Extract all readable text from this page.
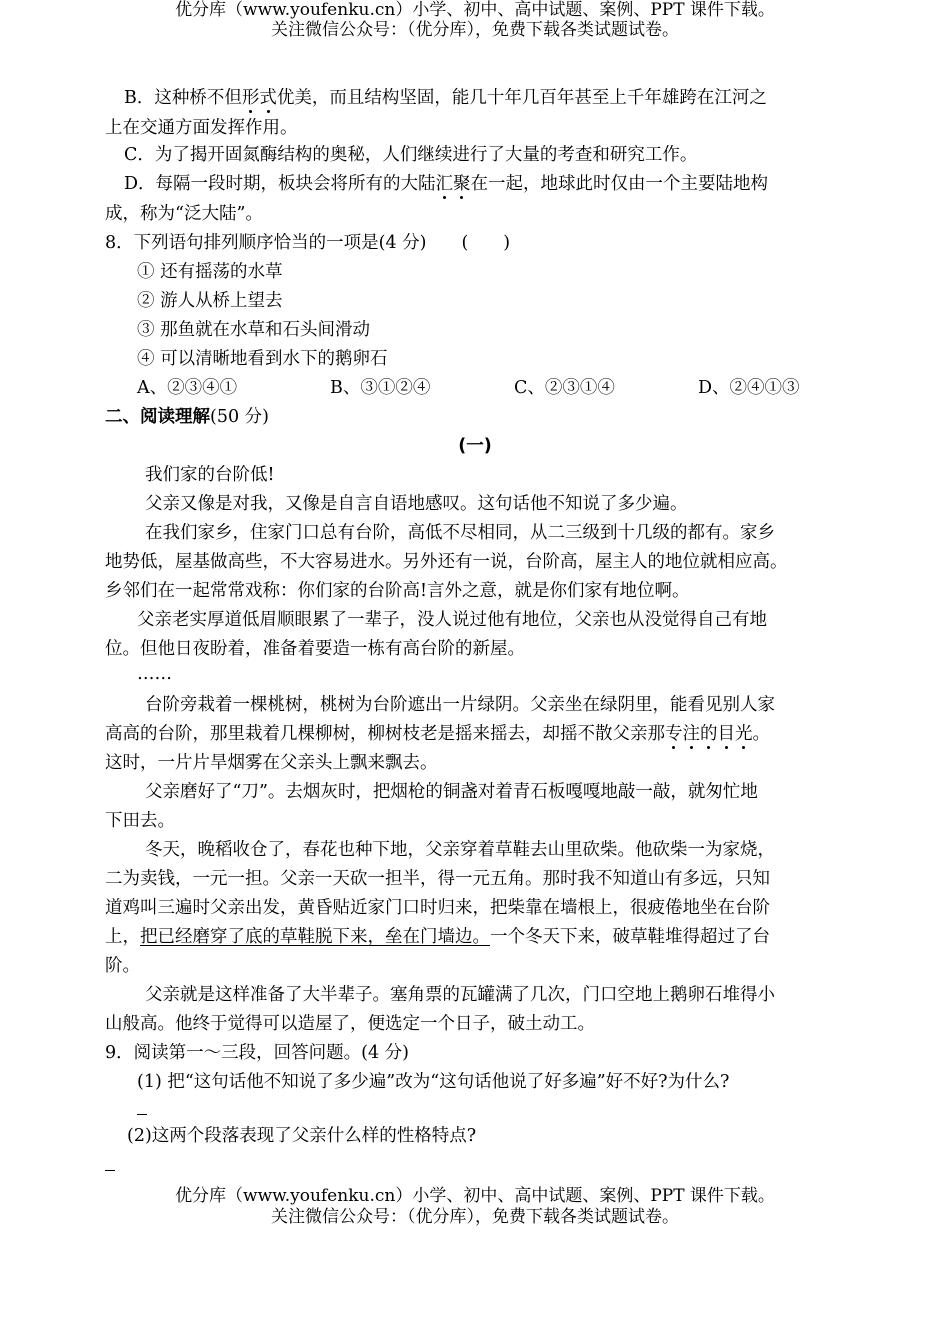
优分库（www.youfenku.cn）小学、初中、高中试题、案例、PPT 课件下载。
关注微信公众号：（优分库），免费下载各类试题试卷。
B．这种桥不但形式优美，而且结构坚固，能几十年几百年甚至上千年雄跨在江河之
上在交通方面发挥作用。
C．为了揭开固氮酶结构的奥秘，人们继续进行了大量的考查和研究工作。
D．每隔一段时期，板块会将所有的大陆汇聚在一起，地球此时仅由一个主要陆地构
成，称为“泛大陆”。
8．下列语句排列顺序恰当的一项是(4 分)　　(　　)
① 还有摇荡的水草
② 游人从桥上望去
③ 那鱼就在水草和石头间滑动
④ 可以清晰地看到水下的鹅卵石
A、②③④①	B、③①②④	C、②③①④	D、②④①③
二、阅读理解(50 分)
(一)
我们家的台阶低!
父亲又像是对我，又像是自言自语地感叹。这句话他不知说了多少遍。
在我们家乡，住家门口总有台阶，高低不尽相同，从二三级到十几级的都有。家乡
地势低，屋基做高些，不大容易进水。另外还有一说，台阶高，屋主人的地位就相应高。
乡邻们在一起常常戏称：你们家的台阶高!言外之意，就是你们家有地位啊。
父亲老实厚道低眉顺眼累了一辈子，没人说过他有地位，父亲也从没觉得自己有地
位。但他日夜盼着，准备着要造一栋有高台阶的新屋。
……
台阶旁栽着一棵桃树，桃树为台阶遮出一片绿阴。父亲坐在绿阴里，能看见别人家
高高的台阶，那里栽着几棵柳树，柳树枝老是摇来摇去，却摇不散父亲那专注的目光。
这时，一片片旱烟雾在父亲头上飘来飘去。
父亲磨好了“刀”。去烟灰时，把烟枪的铜盏对着青石板嘎嘎地敲一敲，就匆忙地
下田去。
冬天，晚稻收仓了，春花也种下地，父亲穿着草鞋去山里砍柴。他砍柴一为家烧，
二为卖钱，一元一担。父亲一天砍一担半，得一元五角。那时我不知道山有多远，只知
道鸡叫三遍时父亲出发，黄昏贴近家门口时归来，把柴靠在墙根上，很疲倦地坐在台阶
上，把已经磨穿了底的草鞋脱下来，垒在门墙边。一个冬天下来，破草鞋堆得超过了台
阶。
父亲就是这样准备了大半辈子。塞角票的瓦罐满了几次，门口空地上鹅卵石堆得小
山般高。他终于觉得可以造屋了，便选定一个日子，破土动工。
9．阅读第一～三段，回答问题。(4 分)
(1) 把“这句话他不知说了多少遍”改为“这句话他说了好多遍”好不好?为什么?
(2)这两个段落表现了父亲什么样的性格特点?
优分库（www.youfenku.cn）小学、初中、高中试题、案例、PPT 课件下载。
关注微信公众号：（优分库），免费下载各类试题试卷。
